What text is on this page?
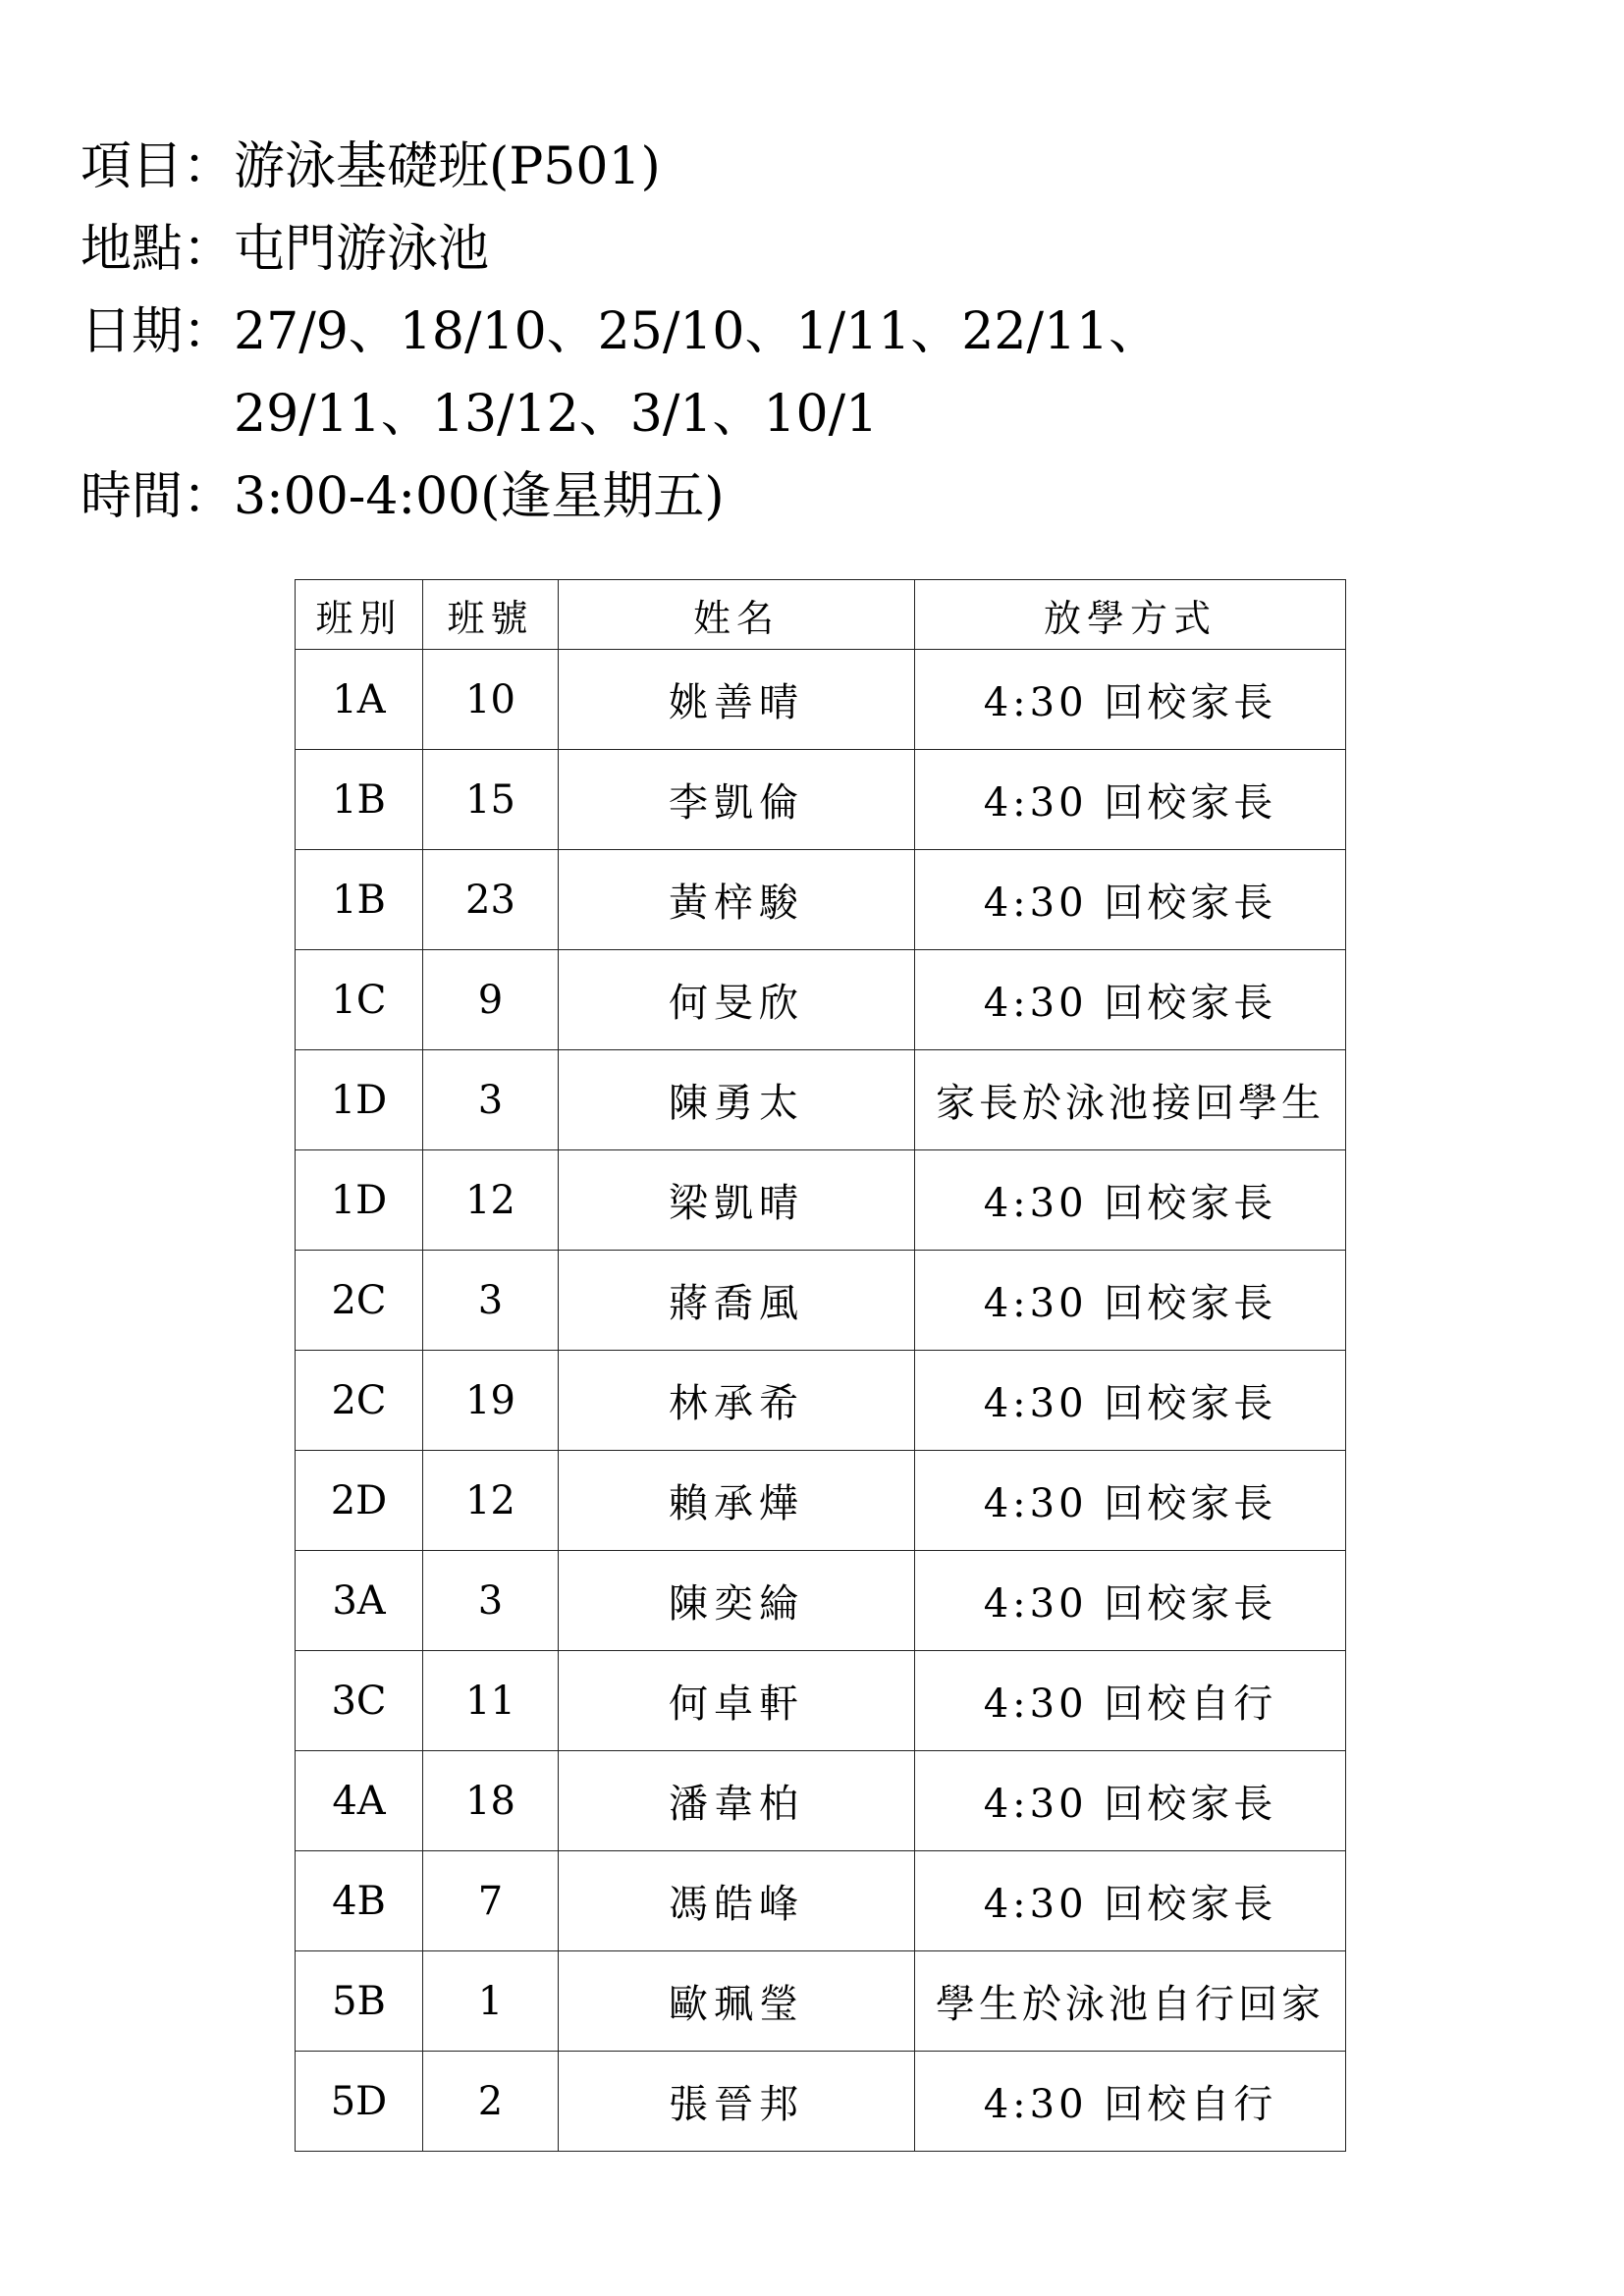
項目：游泳基礎班(P501)
地點：屯門游泳池
日期： 27/9、18/10、25/10、1/11、22/11、
29/11、13/12、3/1、10/1
時間：3:00-4:00(逢星期五)
班別	班號	姓名	放學方式
1A	10	姚善晴	4:30 回校家長
1B	15	李凱倫	4:30 回校家長
1B	23	黃梓駿	4:30 回校家長
1C	9	何旻欣	4:30 回校家長
1D	3	陳勇太	家長於泳池接回學生
1D	12	梁凱晴	4:30 回校家長
2C	3	蔣喬風	4:30 回校家長
2C	19	林承希	4:30 回校家長
2D	12	賴承燁	4:30 回校家長
3A	3	陳奕綸	4:30 回校家長
3C	11	何卓軒	4:30 回校自行
4A	18	潘韋柏	4:30 回校家長
4B	7	馮皓峰	4:30 回校家長
5B	1	歐珮瑩	學生於泳池自行回家
5D	2	張晉邦	4:30 回校自行
